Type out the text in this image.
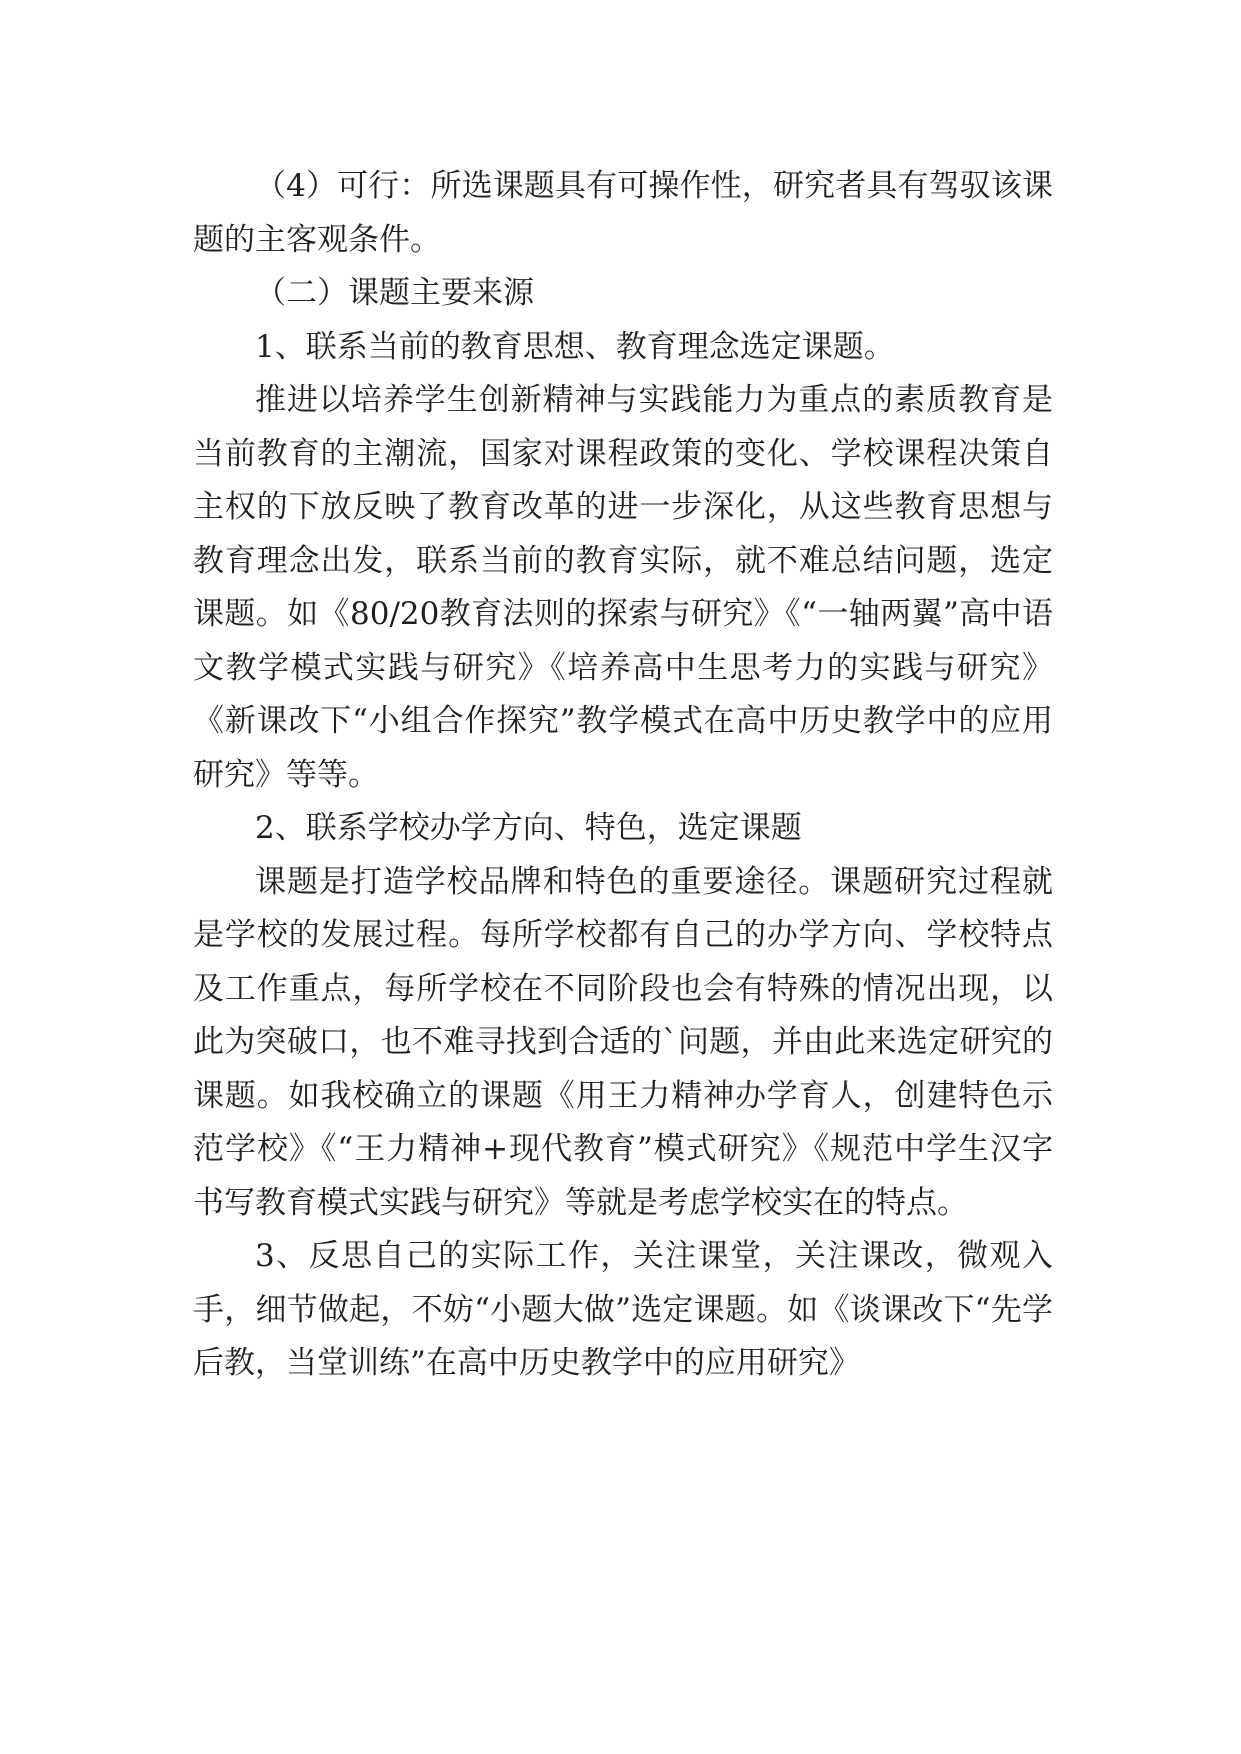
（4）可行：所选课题具有可操作性，研究者具有驾驭该课题的主客观条件。

（二）课题主要来源

1、联系当前的教育思想、教育理念选定课题。

推进以培养学生创新精神与实践能力为重点的素质教育是当前教育的主潮流，国家对课程政策的变化、学校课程决策自主权的下放反映了教育改革的进一步深化，从这些教育思想与教育理念出发，联系当前的教育实际，就不难总结问题，选定课题。如《80/20教育法则的探索与研究》《“一轴两翼”高中语文教学模式实践与研究》《培养高中生思考力的实践与研究》《新课改下“小组合作探究”教学模式在高中历史教学中的应用研究》等等。

2、联系学校办学方向、特色，选定课题

课题是打造学校品牌和特色的重要途径。课题研究过程就是学校的发展过程。每所学校都有自己的办学方向、学校特点及工作重点，每所学校在不同阶段也会有特殊的情况出现，以此为突破口，也不难寻找到合适的`问题，并由此来选定研究的课题。如我校确立的课题《用王力精神办学育人，创建特色示范学校》《“王力精神+现代教育”模式研究》《规范中学生汉字书写教育模式实践与研究》等就是考虑学校实在的特点。

3、反思自己的实际工作，关注课堂，关注课改，微观入手，细节做起，不妨“小题大做”选定课题。如《谈课改下“先学后教，当堂训练”在高中历史教学中的应用研究》
